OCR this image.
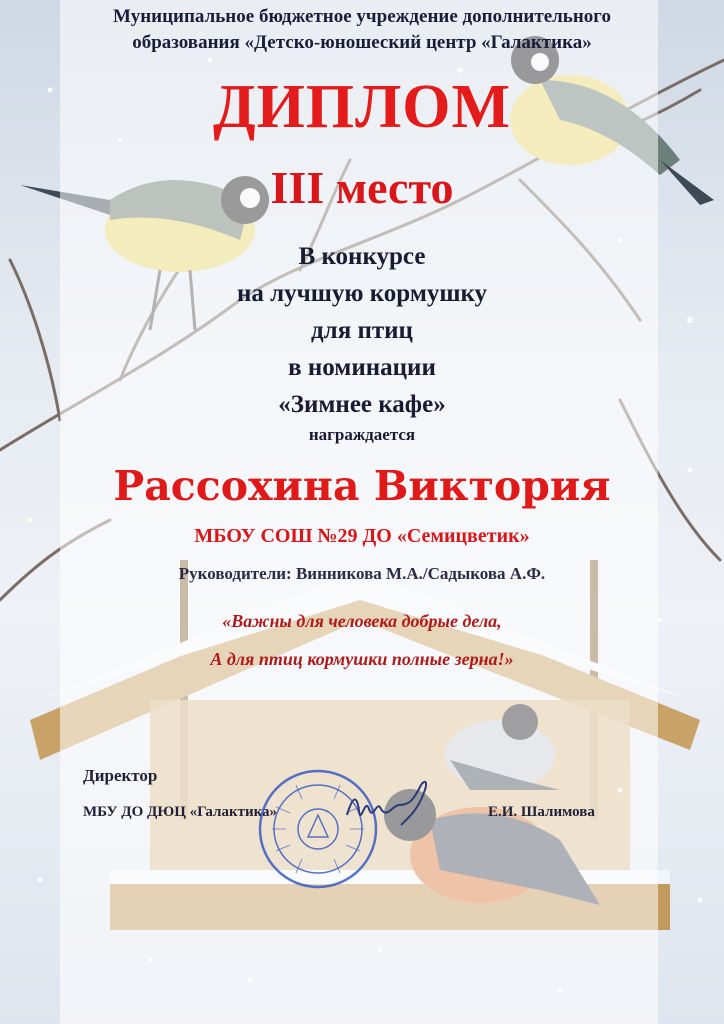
Муниципальное бюджетное учреждение дополнительного
образования «Детско-юношеский центр «Галактика»
ДИПЛОМ
III место
В конкурсе
на лучшую кормушку
для птиц
в номинации
«Зимнее кафе»
награждается
Рассохина Виктория
МБОУ СОШ №29 ДО «Семицветик»
Руководители: Винникова М.А./Садыкова А.Ф.
«Важны для человека добрые дела,
А для птиц кормушки полные зерна!»
Директор
МБУ ДО ДЮЦ «Галактика»	Е.И. Шалимова
